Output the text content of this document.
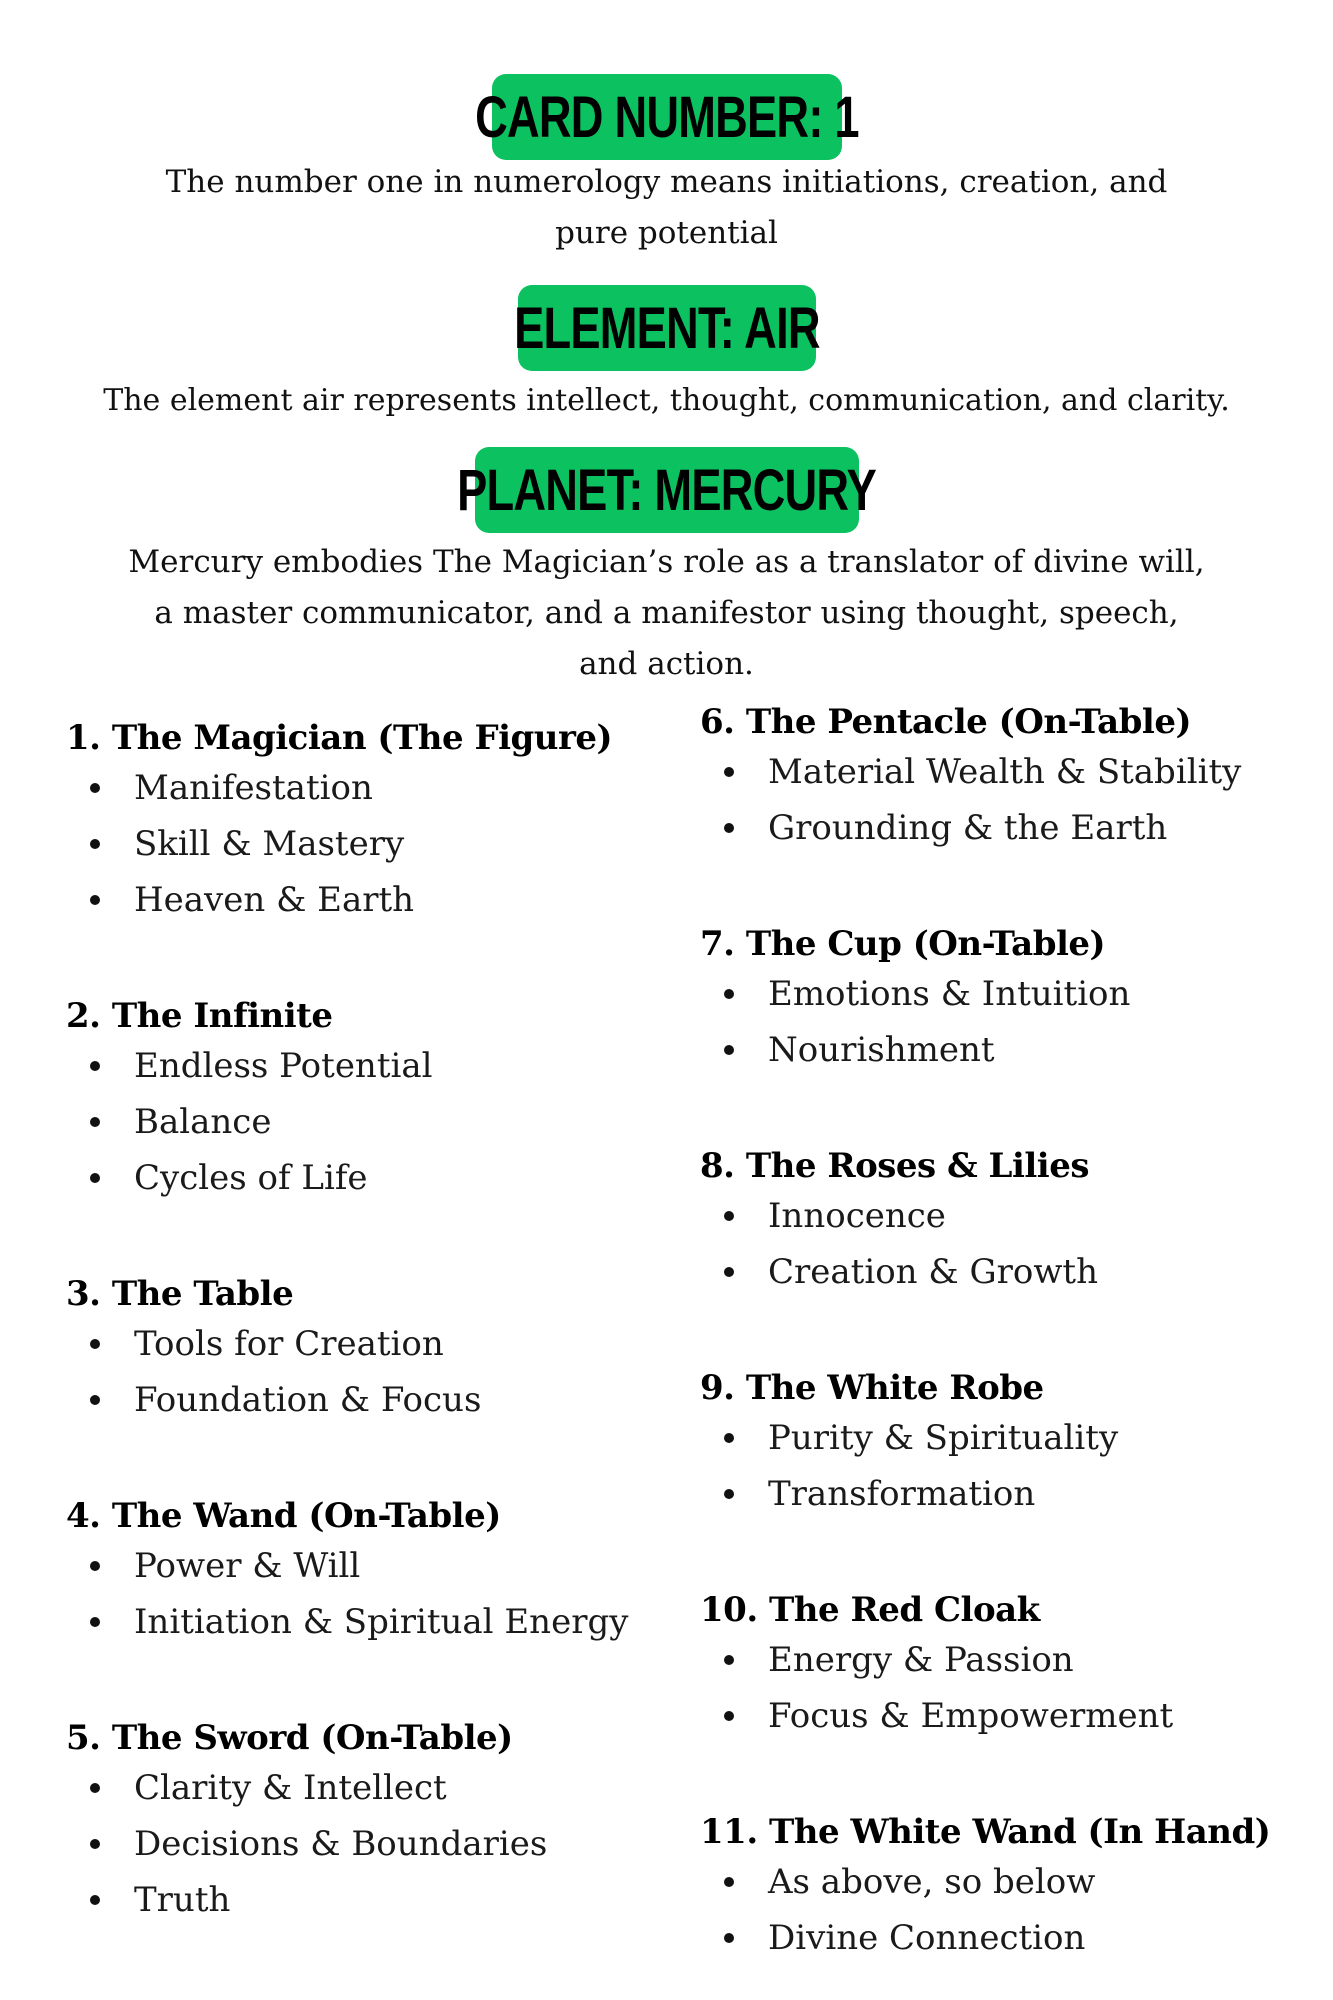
CARD NUMBER: 1
The number one in numerology means initiations, creation, and
pure potential
ELEMENT: AIR
The element air represents intellect, thought, communication, and clarity.
PLANET: MERCURY
Mercury embodies The Magician’s role as a translator of divine will,
a master communicator, and a manifestor using thought, speech,
and action.
1. The Magician (The Figure)
Manifestation
Skill & Mastery
Heaven & Earth
2. The Infinite
Endless Potential
Balance
Cycles of Life
3. The Table
Tools for Creation
Foundation & Focus
4. The Wand (On-Table)
Power & Will
Initiation & Spiritual Energy
5. The Sword (On-Table)
Clarity & Intellect
Decisions & Boundaries
Truth
6. The Pentacle (On-Table)
Material Wealth & Stability
Grounding & the Earth
7. The Cup (On-Table)
Emotions & Intuition
Nourishment
8. The Roses & Lilies
Innocence
Creation & Growth
9. The White Robe
Purity & Spirituality
Transformation
10. The Red Cloak
Energy & Passion
Focus & Empowerment
11. The White Wand (In Hand)
As above, so below
Divine Connection
